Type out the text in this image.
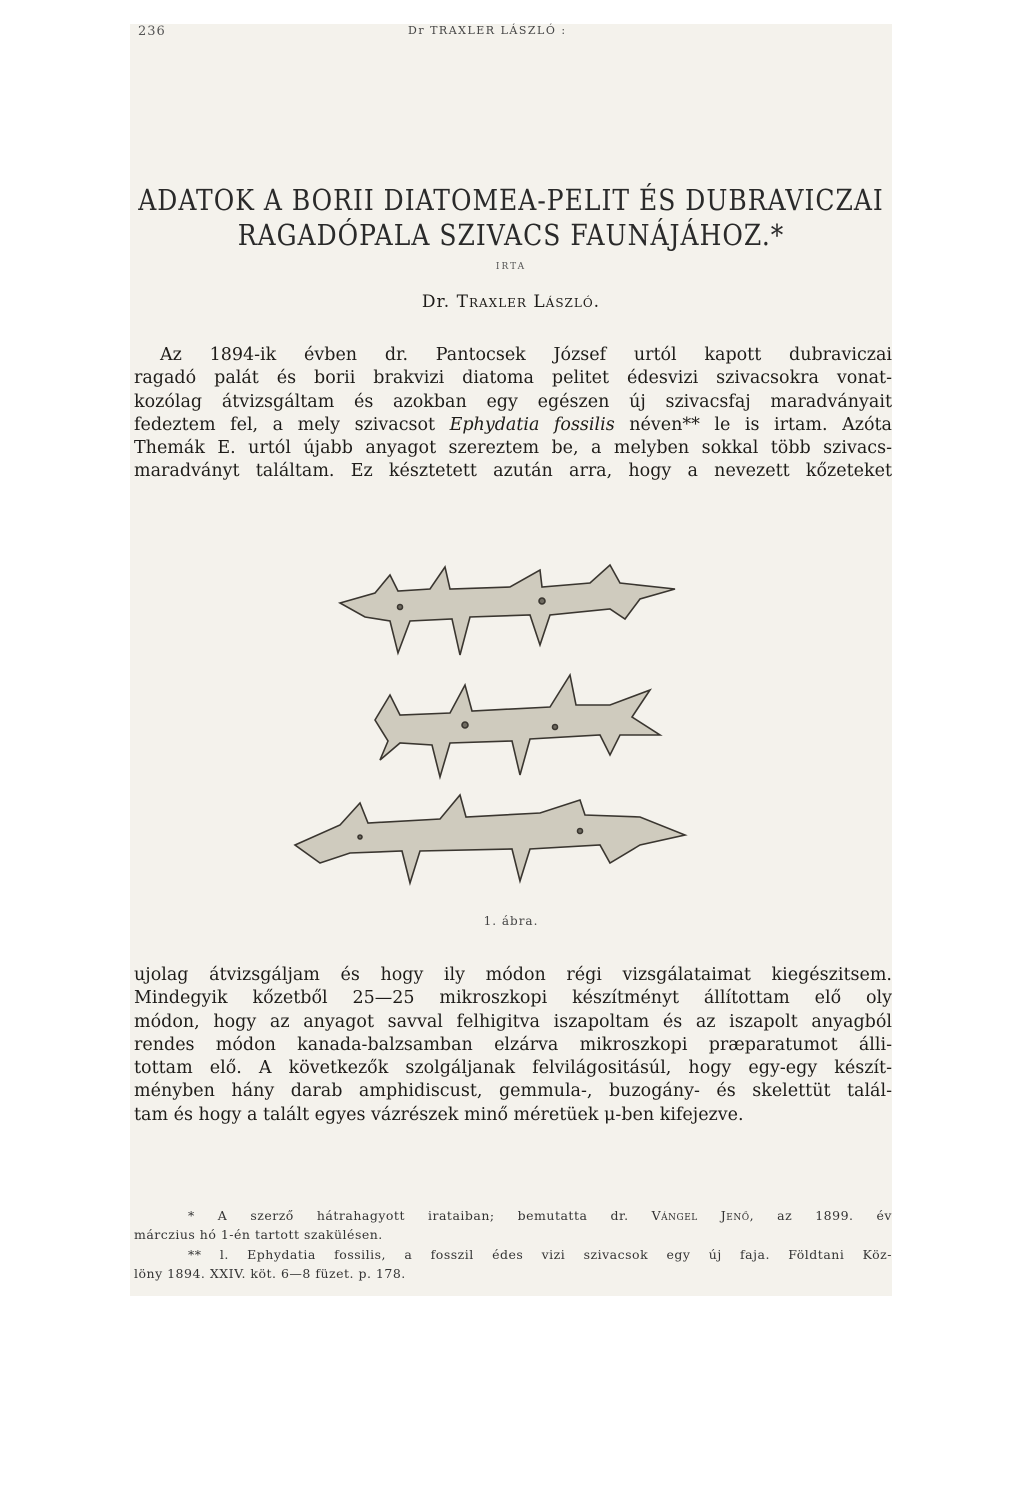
236	Dr TRAXLER LÁSZLÓ :
ADATOK A BORII DIATOMEA-PELIT ÉS DUBRAVICZAI
RAGADÓPALA SZIVACS FAUNÁJÁHOZ.*
IRTA
Dr. Traxler László.
Az 1894-ik évben dr. Pantocsek József urtól kapott dubraviczai
ragadó palát és borii brakvizi diatoma pelitet édesvizi szivacsokra vonat-
kozólag átvizsgáltam és azokban egy egészen új szivacsfaj maradványait
fedeztem fel, a mely szivacsot Ephydatia fossilis néven** le is irtam. Azóta
Themák E. urtól újabb anyagot szereztem be, a melyben sokkal több szivacs-
maradványt találtam. Ez késztetett azután arra, hogy a nevezett kőzeteket
1. ábra.
ujolag átvizsgáljam és hogy ily módon régi vizsgálataimat kiegészitsem.
Mindegyik kőzetből 25—25 mikroszkopi készítményt állítottam elő oly
módon, hogy az anyagot savval felhigitva iszapoltam és az iszapolt anyagból
rendes módon kanada-balzsamban elzárva mikroszkopi præparatumot álli-
tottam elő. A következők szolgáljanak felvilágositásúl, hogy egy-egy készít-
ményben hány darab amphidiscust, gemmula-, buzogány- és skelettüt talál-
tam és hogy a talált egyes vázrészek minő méretüek μ-ben kifejezve.
* A szerző hátrahagyott irataiban; bemutatta dr. Vángel Jenő, az 1899. év
márczius hó 1-én tartott szakülésen.
** l. Ephydatia fossilis, a fosszil édes vizi szivacsok egy új faja. Földtani Köz-
löny 1894. XXIV. köt. 6—8 füzet. p. 178.
